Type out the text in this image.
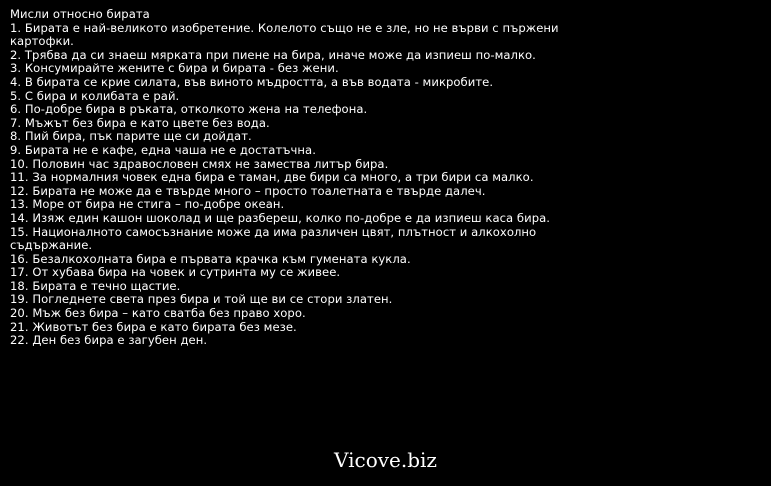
Мисли относно бирата

1. Бирата е най-великото изобретение. Колелото също не е зле, но не върви с пържени картофки.

2. Трябва да си знаеш мярката при пиене на бира, иначе може да изпиеш по-малко.

3. Консумирайте жените с бира и бирата - без жени.

4. В бирата се крие силата, във виното мъдростта, а във водата - микробите.

5. С бира и колибата е рай.

6. По-добре бира в ръката, отколкото жена на телефона.

7. Мъжът без бира е като цвете без вода.

8. Пий бира, пък парите ще си дойдат.

9. Бирата не е кафе, една чаша не е достатъчна.

10. Половин час здравословен смях не замества литър бира.

11. За нормалния човек една бира е таман, две бири са много, а три бири са малко.

12. Бирата не може да е твърде много – просто тоалетната е твърде далеч.

13. Море от бира не стига – по-добре океан.

14. Изяж един кашон шоколад и ще разбереш, колко по-добре е да изпиеш каса бира.

15. Националното самосъзнание може да има различен цвят, плътност и алкохолно съдържание.

16. Безалкохолната бира е първата крачка към гумената кукла.

17. От хубава бира на човек и сутринта му се живее.

18. Бирата е течно щастие.

19. Погледнете света през бира и той ще ви се стори златен.

20. Мъж без бира – като сватба без право хоро.

21. Животът без бира е като бирата без мезе.

22. Ден без бира е загубен ден.

Vicove.biz
